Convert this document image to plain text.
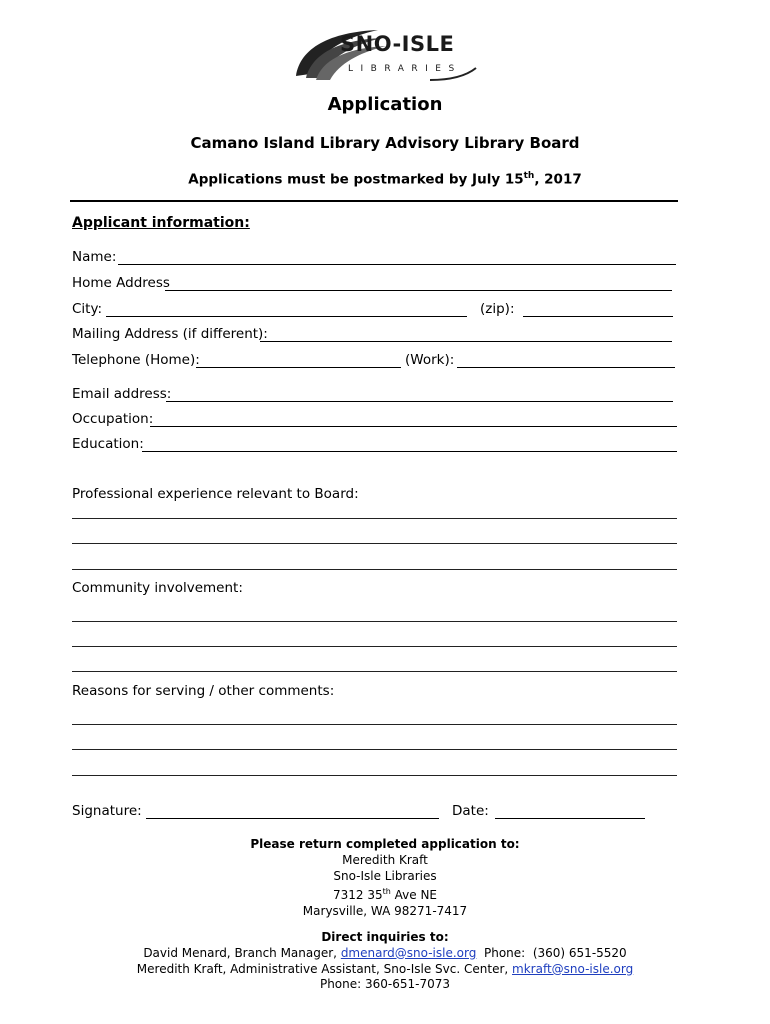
SNO-ISLE
LIBRARIES
Application
Camano Island Library Advisory Library Board
Applications must be postmarked by July 15th, 2017
Applicant information:
Name:
Home Address
City:	(zip):
Mailing Address (if different):
Telephone (Home):	(Work):
Email address:
Occupation:
Education:
Professional experience relevant to Board:
Community involvement:
Reasons for serving / other comments:
Signature:	Date:
Please return completed application to:
Meredith Kraft
Sno-Isle Libraries
7312 35th Ave NE
Marysville, WA 98271-7417
Direct inquiries to:
David Menard, Branch Manager, dmenard@sno-isle.org  Phone:  (360) 651-5520
Meredith Kraft, Administrative Assistant, Sno-Isle Svc. Center, mkraft@sno-isle.org
Phone: 360-651-7073
